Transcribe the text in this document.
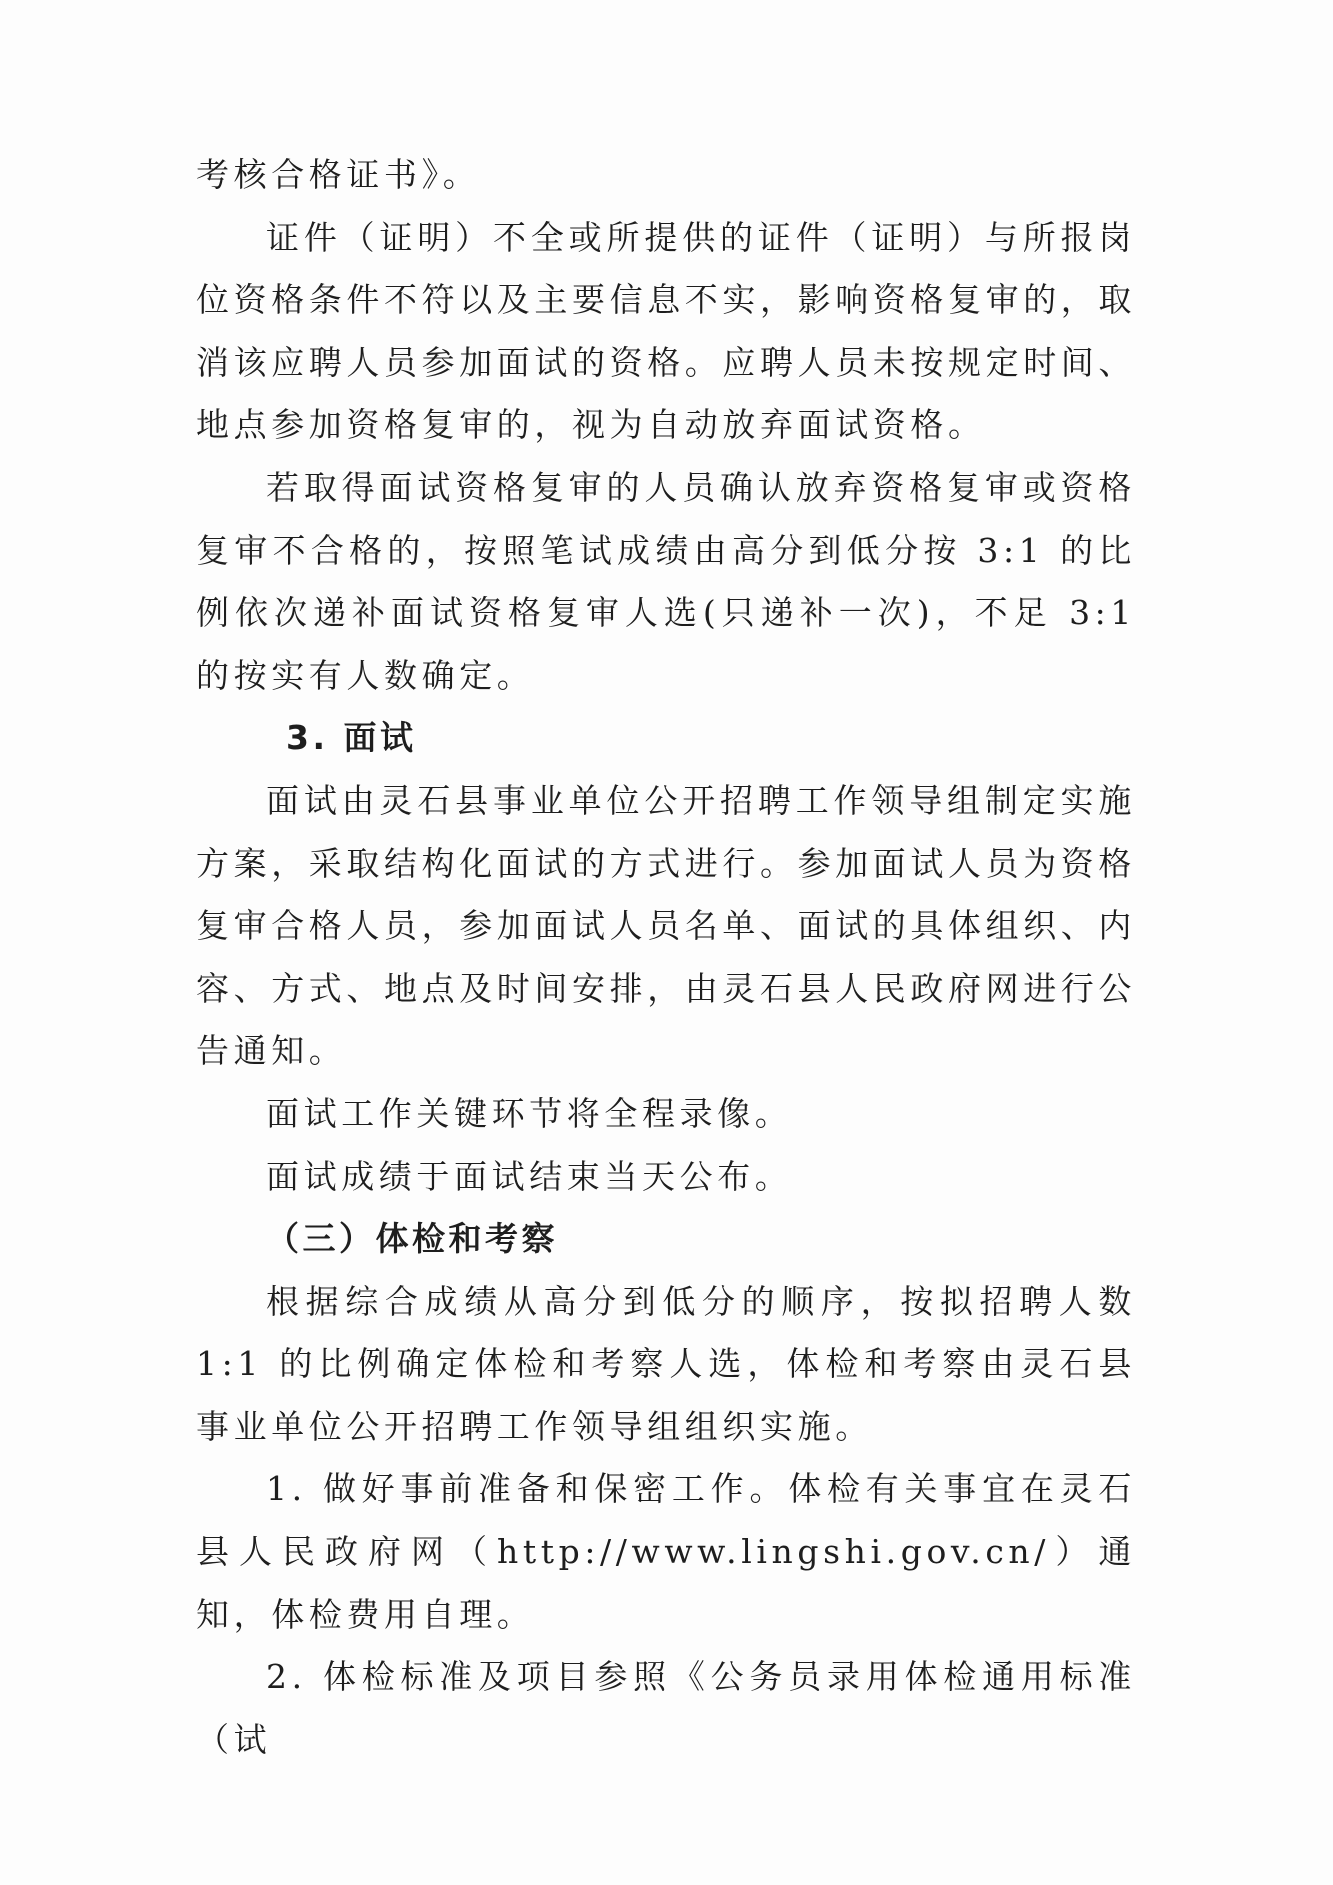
考核合格证书》。

证件（证明）不全或所提供的证件（证明）与所报岗位资格条件不符以及主要信息不实，影响资格复审的，取消该应聘人员参加面试的资格。应聘人员未按规定时间、地点参加资格复审的，视为自动放弃面试资格。

若取得面试资格复审的人员确认放弃资格复审或资格复审不合格的，按照笔试成绩由高分到低分按 3:1 的比例依次递补面试资格复审人选(只递补一次)，不足 3:1 的按实有人数确定。

3. 面试

面试由灵石县事业单位公开招聘工作领导组制定实施方案，采取结构化面试的方式进行。参加面试人员为资格复审合格人员，参加面试人员名单、面试的具体组织、内容、方式、地点及时间安排，由灵石县人民政府网进行公告通知。

面试工作关键环节将全程录像。

面试成绩于面试结束当天公布。

（三）体检和考察

根据综合成绩从高分到低分的顺序，按拟招聘人数 1:1 的比例确定体检和考察人选，体检和考察由灵石县事业单位公开招聘工作领导组组织实施。

1. 做好事前准备和保密工作。体检有关事宜在灵石县人民政府网（http://www.lingshi.gov.cn/）通知，体检费用自理。

2. 体检标准及项目参照《公务员录用体检通用标准（试
